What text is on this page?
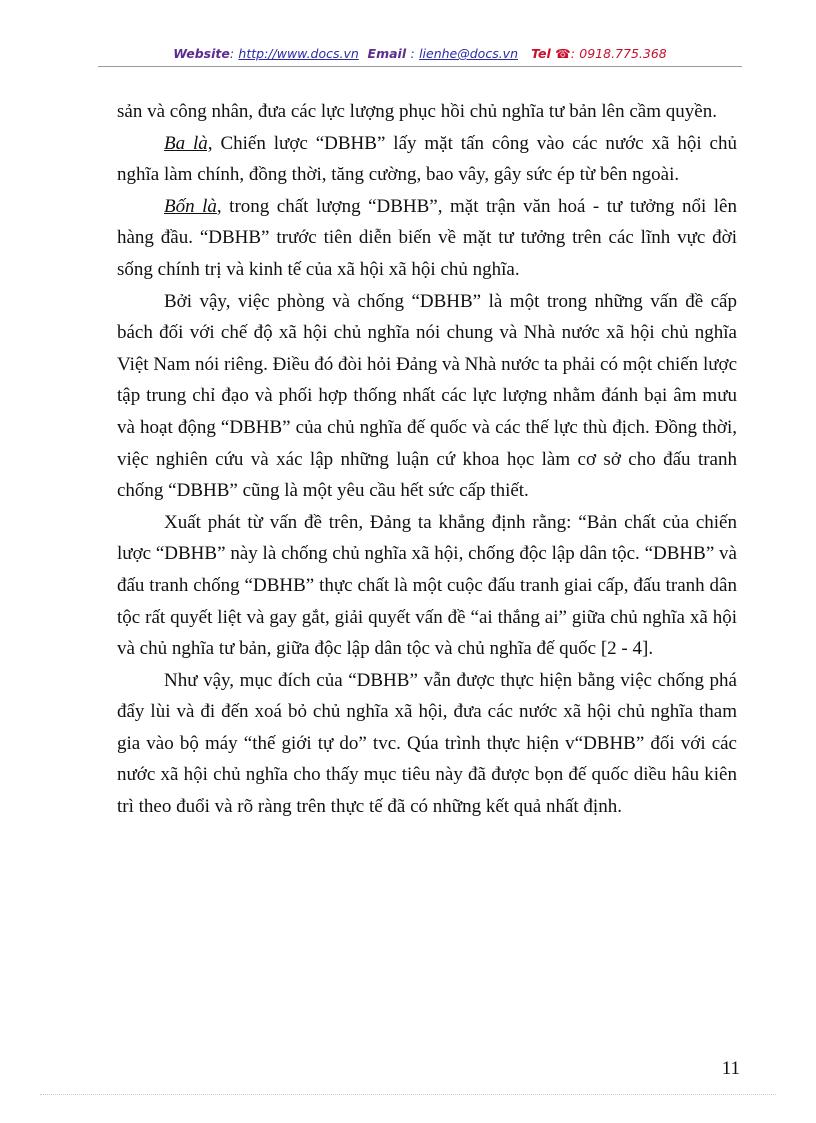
Website: http://www.docs.vn Email : lienhe@docs.vn Tel ☎: 0918.775.368

sản và công nhân, đưa các lực lượng phục hồi chủ nghĩa tư bản lên cầm quyền.

Ba là, Chiến lược “DBHB” lấy mặt tấn công vào các nước xã hội chủ nghĩa làm chính, đồng thời, tăng cường, bao vây, gây sức ép từ bên ngoài.

Bốn là, trong chất lượng “DBHB”, mặt trận văn hoá - tư tưởng nổi lên hàng đầu. “DBHB” trước tiên diễn biến về mặt tư tưởng trên các lĩnh vực đời sống chính trị và kinh tế của xã hội xã hội chủ nghĩa.

Bởi vậy, việc phòng và chống “DBHB” là một trong những vấn đề cấp bách đối với chế độ xã hội chủ nghĩa nói chung và Nhà nước xã hội chủ nghĩa Việt Nam nói riêng. Điều đó đòi hỏi Đảng và Nhà nước ta phải có một chiến lược tập trung chỉ đạo và phối hợp thống nhất các lực lượng nhằm đánh bại âm mưu và hoạt động “DBHB” của chủ nghĩa đế quốc và các thế lực thù địch. Đồng thời, việc nghiên cứu và xác lập những luận cứ khoa học làm cơ sở cho đấu tranh chống “DBHB” cũng là một yêu cầu hết sức cấp thiết.

Xuất phát từ vấn đề trên, Đảng ta khẳng định rằng: “Bản chất của chiến lược “DBHB” này là chống chủ nghĩa xã hội, chống độc lập dân tộc. “DBHB” và đấu tranh chống “DBHB” thực chất là một cuộc đấu tranh giai cấp, đấu tranh dân tộc rất quyết liệt và gay gắt, giải quyết vấn đề “ai thắng ai” giữa chủ nghĩa xã hội và chủ nghĩa tư bản, giữa độc lập dân tộc và chủ nghĩa đế quốc [2 - 4].

Như vậy, mục đích của “DBHB” vẫn được thực hiện bằng việc chống phá đẩy lùi và đi đến xoá bỏ chủ nghĩa xã hội, đưa các nước xã hội chủ nghĩa tham gia vào bộ máy “thế giới tự do” tvc. Qúa trình thực hiện v“DBHB” đối với các nước xã hội chủ nghĩa cho thấy mục tiêu này đã được bọn đế quốc diều hâu kiên trì theo đuổi và rõ ràng trên thực tế đã có những kết quả nhất định.

11
